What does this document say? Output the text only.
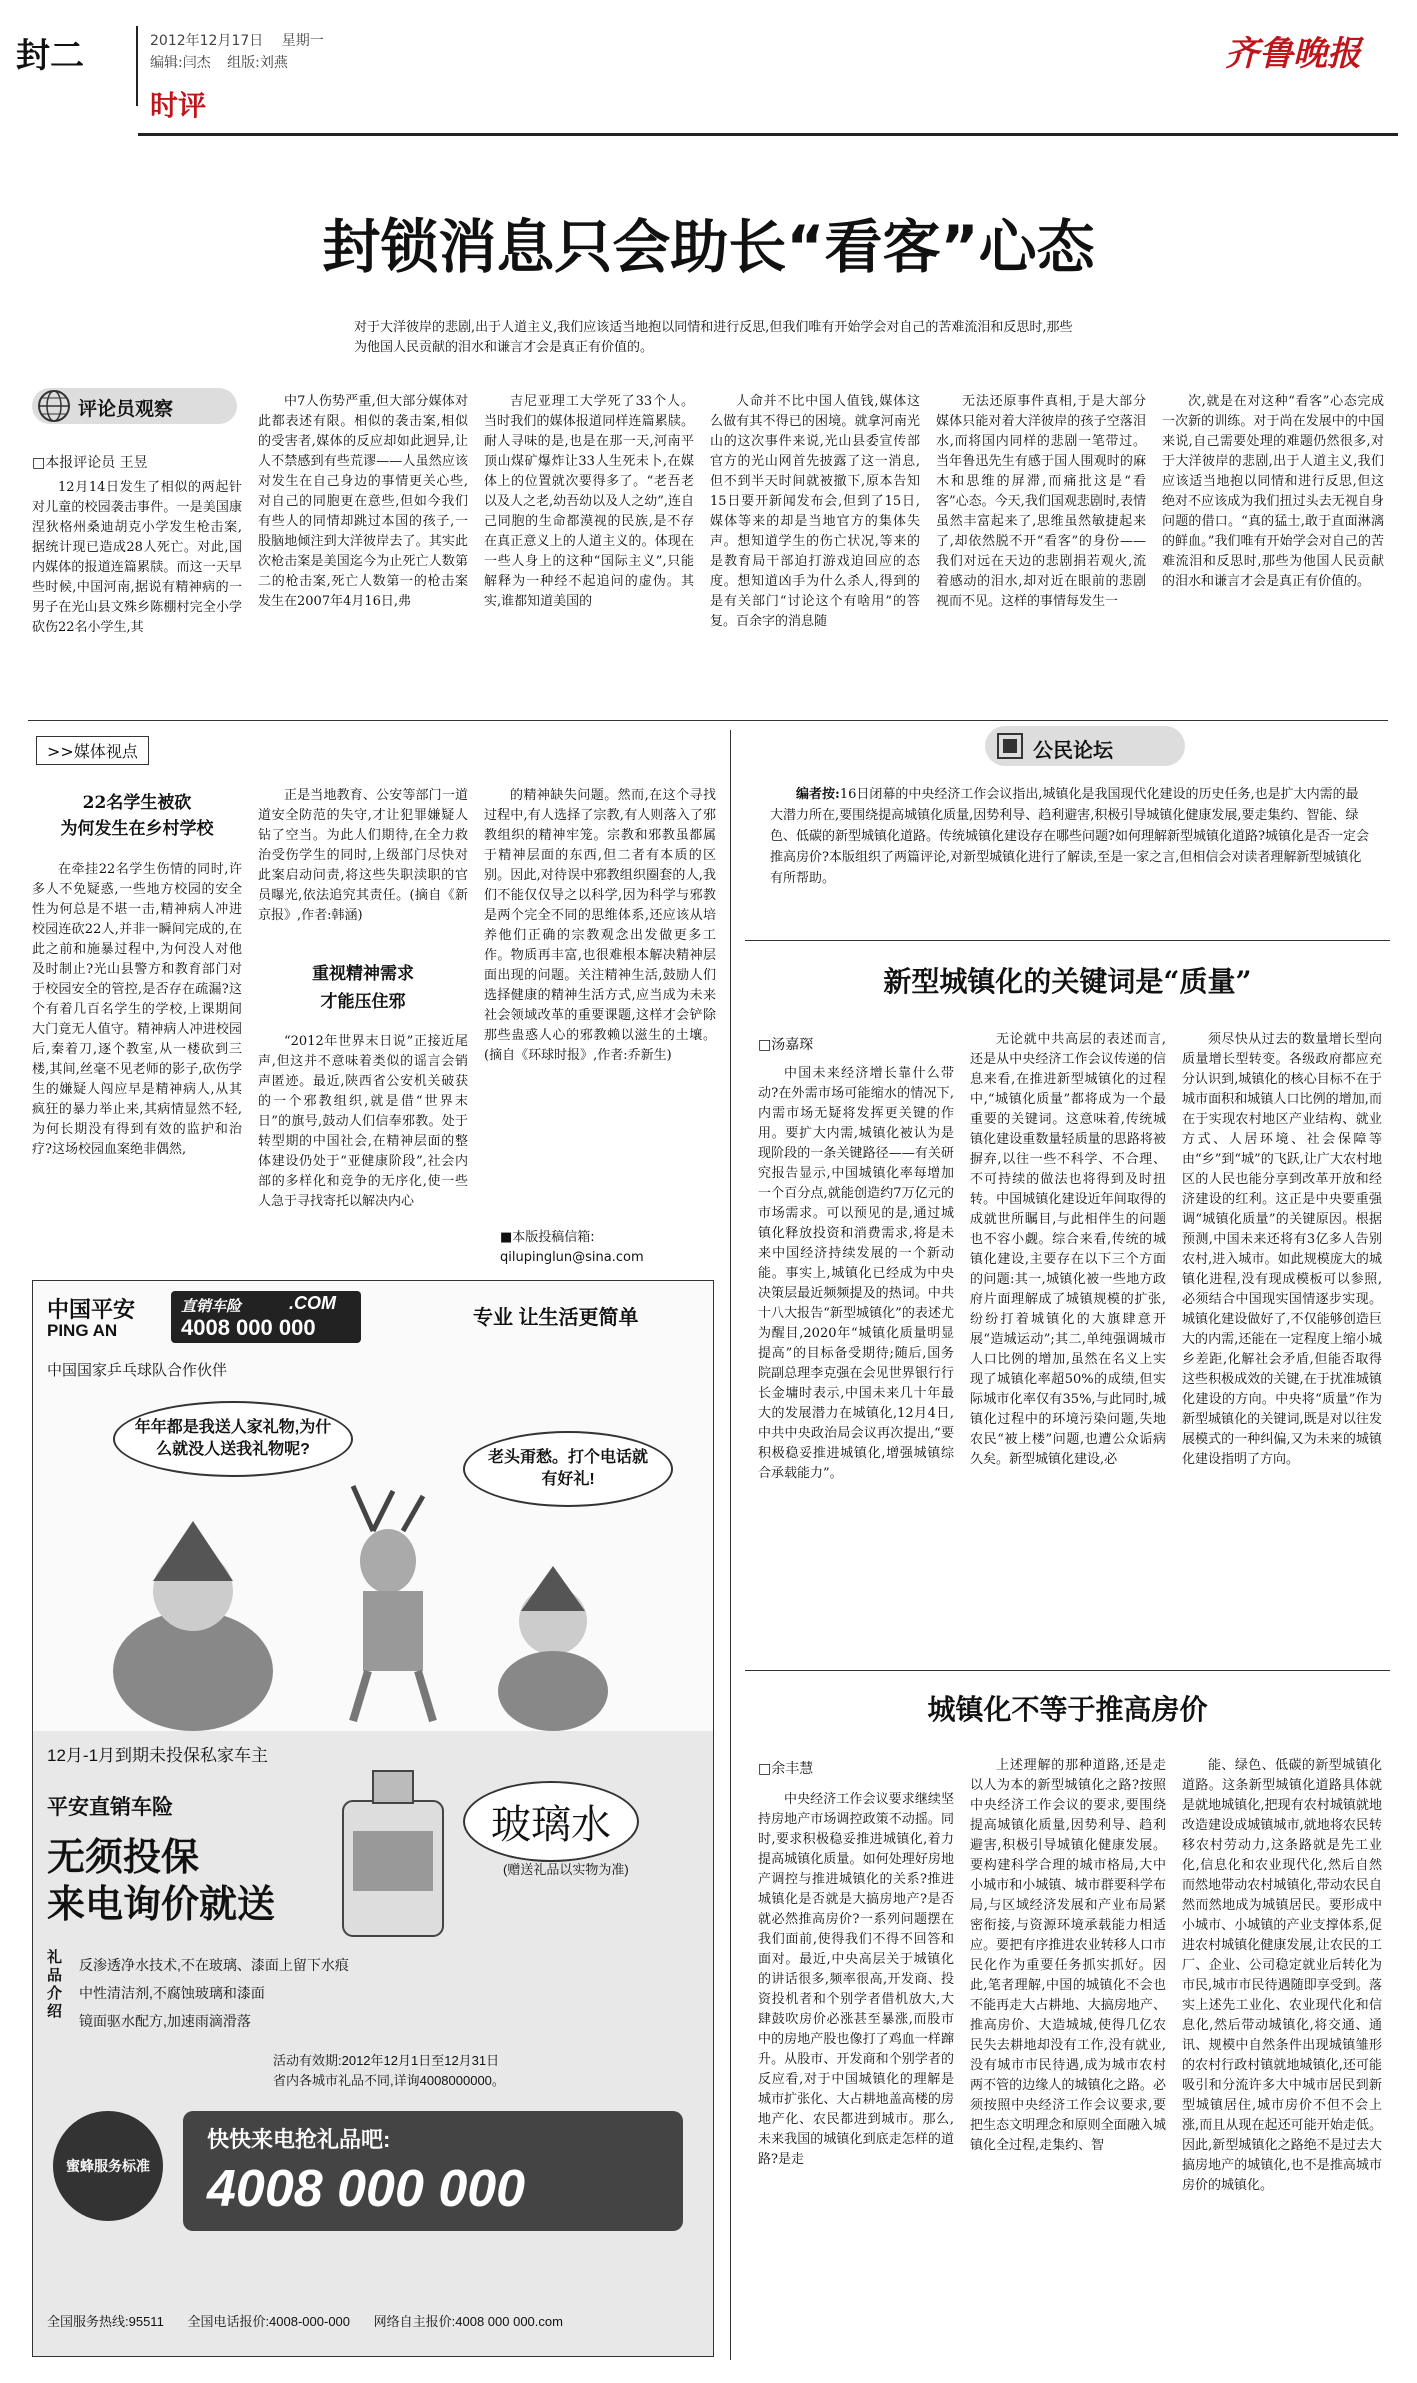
封二	2012年12月17日 星期一
编辑:闫杰 组版:刘燕
时评
齐鲁晚报
封锁消息只会助长“看客”心态
对于大洋彼岸的悲剧,出于人道主义,我们应该适当地抱以同情和进行反思,但我们唯有开始学会对自己的苦难流泪和反思时,那些为他国人民贡献的泪水和谦言才会是真正有价值的。
评论员观察
□本报评论员 王昱

12月14日发生了相似的两起针对儿童的校园袭击事件。一是美国康涅狄格州桑迪胡克小学发生枪击案,据统计现已造成28人死亡。对此,国内媒体的报道连篇累牍。而这一天早些时候,中国河南,据说有精神病的一男子在光山县文殊乡陈棚村完全小学砍伤22名小学生,其

中7人伤势严重,但大部分媒体对此都表述有限。相似的袭击案,相似的受害者,媒体的反应却如此迥异,让人不禁感到有些荒谬——人虽然应该对发生在自己身边的事情更关心些,对自己的同胞更在意些,但如今我们有些人的同情却跳过本国的孩子,一股脑地倾注到大洋彼岸去了。其实此次枪击案是美国迄今为止死亡人数第二的枪击案,死亡人数第一的枪击案发生在2007年4月16日,弗

吉尼亚理工大学死了33个人。当时我们的媒体报道同样连篇累牍。耐人寻味的是,也是在那一天,河南平顶山煤矿爆炸让33人生死未卜,在媒体上的位置就次要得多了。“老吾老以及人之老,幼吾幼以及人之幼”,连自己同胞的生命都漠视的民族,是不存在真正意义上的人道主义的。体现在一些人身上的这种“国际主义”,只能解释为一种经不起追问的虚伪。其实,谁都知道美国的

人命并不比中国人值钱,媒体这么做有其不得已的困境。就拿河南光山的这次事件来说,光山县委宣传部官方的光山网首先披露了这一消息,但不到半天时间就被撤下,原本告知15日要开新闻发布会,但到了15日,媒体等来的却是当地官方的集体失声。想知道学生的伤亡状况,等来的是教育局干部迫打游戏迫回应的态度。想知道凶手为什么杀人,得到的是有关部门“讨论这个有啥用”的答复。百余字的消息随

无法还原事件真相,于是大部分媒体只能对着大洋彼岸的孩子空落泪水,而将国内同样的悲剧一笔带过。当年鲁迅先生有感于国人围观时的麻木和思维的屏滞,而痛批这是“看客”心态。今天,我们国观悲剧时,表情虽然丰富起来了,思维虽然敏捷起来了,却依然脱不开“看客”的身份——我们对远在天边的悲剧捐若观火,流着感动的泪水,却对近在眼前的悲剧视而不见。这样的事情每发生一

次,就是在对这种“看客”心态完成一次新的训练。对于尚在发展中的中国来说,自己需要处理的难题仍然很多,对于大洋彼岸的悲剧,出于人道主义,我们应该适当地抱以同情和进行反思,但这绝对不应该成为我们扭过头去无视自身问题的借口。“真的猛士,敢于直面淋漓的鲜血。”我们唯有开始学会对自己的苦难流泪和反思时,那些为他国人民贡献的泪水和谦言才会是真正有价值的。

>>媒体视点
22名学生被砍
为何发生在乡村学校

在牵挂22名学生伤情的同时,许多人不免疑惑,一些地方校园的安全性为何总是不堪一击,精神病人冲进校园连砍22人,并非一瞬间完成的,在此之前和施暴过程中,为何没人对他及时制止?光山县警方和教育部门对于校园安全的管控,是否存在疏漏?这个有着几百名学生的学校,上课期间大门竟无人值守。精神病人冲进校园后,秦着刀,逐个教室,从一楼砍到三楼,其间,丝毫不见老师的影子,砍伤学生的嫌疑人闯应早是精神病人,从其疯狂的暴力举止来,其病情显然不轻,为何长期没有得到有效的监护和治疗?这场校园血案绝非偶然,

正是当地教育、公安等部门一道道安全防范的失守,才让犯罪嫌疑人钻了空当。为此人们期待,在全力救治受伤学生的同时,上级部门尽快对此案启动问责,将这些失职渎职的官员曝光,依法追究其责任。(摘自《新京报》,作者:韩涵)

重视精神需求
才能压住邪

“2012年世界末日说”正接近尾声,但这并不意味着类似的谣言会销声匿迹。最近,陕西省公安机关破获的一个邪教组织,就是借“世界末日”的旗号,鼓动人们信奉邪教。处于转型期的中国社会,在精神层面的整体建设仍处于“亚健康阶段”,社会内部的多样化和竞争的无序化,使一些人急于寻找寄托以解决内心

的精神缺失问题。然而,在这个寻找过程中,有人选择了宗教,有人则落入了邪教组织的精神牢笼。宗教和邪教虽都属于精神层面的东西,但二者有本质的区别。因此,对待误中邪教组织圈套的人,我们不能仅仅导之以科学,因为科学与邪教是两个完全不同的思维体系,还应该从培养他们正确的宗教观念出发做更多工作。物质再丰富,也很难根本解决精神层面出现的问题。关注精神生活,鼓励人们选择健康的精神生活方式,应当成为未来社会领域改革的重要课题,这样才会铲除那些蛊惑人心的邪教赖以滋生的土壤。(摘自《环球时报》,作者:乔新生)

■本版投稿信箱:
qilupinglun@sina.com
中国平安
PING AN
直销车险	.COM
4008 000 000	专业 让生活更简单
中国国家乒乓球队合作伙伴
年年都是我送人家礼物,为什么就没人送我礼物呢?	老头甭愁。打个电话就有好礼!
12月-1月到期未投保私家车主
平安直销车险
无须投保
来电询价就送
玻璃水
(赠送礼品以实物为准)
礼品介绍
反渗透净水技术,不在玻璃、漆面上留下水痕
中性清洁剂,不腐蚀玻璃和漆面
镜面驱水配方,加速雨滴滑落
活动有效期:2012年12月1日至12月31日
省内各城市礼品不同,详询4008000000。
蜜蜂服务标准
快快来电抢礼品吧:
4008 000 000
全国服务热线:95511 全国电话报价:4008-000-000 网络自主报价:4008 000 000.com
公民论坛
编者按:16日闭幕的中央经济工作会议指出,城镇化是我国现代化建设的历史任务,也是扩大内需的最大潜力所在,要围绕提高城镇化质量,因势利导、趋利避害,积极引导城镇化健康发展,要走集约、智能、绿色、低碳的新型城镇化道路。传统城镇化建设存在哪些问题?如何理解新型城镇化道路?城镇化是否一定会推高房价?本版组织了两篇评论,对新型城镇化进行了解读,至是一家之言,但相信会对读者理解新型城镇化有所帮助。
新型城镇化的关键词是“质量”
□汤嘉琛

中国未来经济增长靠什么带动?在外需市场可能缩水的情况下,内需市场无疑将发挥更关键的作用。要扩大内需,城镇化被认为是现阶段的一条关键路径——有关研究报告显示,中国城镇化率每增加一个百分点,就能创造约7万亿元的市场需求。可以预见的是,通过城镇化释放投资和消费需求,将是未来中国经济持续发展的一个新动能。事实上,城镇化已经成为中央决策层最近频频提及的热词。中共十八大报告“新型城镇化”的表述尤为醒目,2020年“城镇化质量明显提高”的目标备受期待;随后,国务院副总理李克强在会见世界银行行长金墉时表示,中国未来几十年最大的发展潜力在城镇化,12月4日,中共中央政治局会议再次提出,“要积极稳妥推进城镇化,增强城镇综合承载能力”。

无论就中共高层的表述而言,还是从中央经济工作会议传递的信息来看,在推进新型城镇化的过程中,“城镇化质量”都将成为一个最重要的关键词。这意味着,传统城镇化建设重数量轻质量的思路将被摒弃,以往一些不科学、不合理、不可持续的做法也将得到及时扭转。中国城镇化建设近年间取得的成就世所瞩目,与此相伴生的问题也不容小觑。综合来看,传统的城镇化建设,主要存在以下三个方面的问题:其一,城镇化被一些地方政府片面理解成了城镇规模的扩张,纷纷打着城镇化的大旗肆意开展“造城运动”;其二,单纯强调城市人口比例的增加,虽然在名义上实现了城镇化率超50%的成绩,但实际城市化率仅有35%,与此同时,城镇化过程中的环境污染问题,失地农民“被上楼”问题,也遭公众诟病久矣。新型城镇化建设,必

须尽快从过去的数量增长型向质量增长型转变。各级政府都应充分认识到,城镇化的核心目标不在于城市面积和城镇人口比例的增加,而在于实现农村地区产业结构、就业方式、人居环境、社会保障等由“乡”到“城”的飞跃,让广大农村地区的人民也能分享到改革开放和经济建设的红利。这正是中央要重强调“城镇化质量”的关键原因。根据预测,中国未来还将有3亿多人告别农村,进入城市。如此规模庞大的城镇化进程,没有现成模板可以参照,必须结合中国现实国情逐步实现。城镇化建设做好了,不仅能够创造巨大的内需,还能在一定程度上缩小城乡差距,化解社会矛盾,但能否取得这些积极成效的关键,在于扰准城镇化建设的方向。中央将“质量”作为新型城镇化的关键词,既是对以往发展模式的一种纠偏,又为未来的城镇化建设指明了方向。

城镇化不等于推高房价
□余丰慧

中央经济工作会议要求继续坚持房地产市场调控政策不动摇。同时,要求积极稳妥推进城镇化,着力提高城镇化质量。如何处理好房地产调控与推进城镇化的关系?推进城镇化是否就是大搞房地产?是否就必然推高房价?一系列问题摆在我们面前,使得我们不得不回答和面对。最近,中央高层关于城镇化的讲话很多,频率很高,开发商、投资投机者和个别学者借机放大,大肆鼓吹房价必涨甚至暴涨,而股市中的房地产股也像打了鸡血一样蹿升。从股市、开发商和个别学者的反应看,对于中国城镇化的理解是城市扩张化、大占耕地盖高楼的房地产化、农民都进到城市。那么,未来我国的城镇化到底走怎样的道路?是走

上述理解的那种道路,还是走以人为本的新型城镇化之路?按照中央经济工作会议的要求,要围绕提高城镇化质量,因势利导、趋利避害,积极引导城镇化健康发展。要构建科学合理的城市格局,大中小城市和小城镇、城市群要科学布局,与区域经济发展和产业布局紧密衔接,与资源环境承载能力相适应。要把有序推进农业转移人口市民化作为重要任务抓实抓好。因此,笔者理解,中国的城镇化不会也不能再走大占耕地、大搞房地产、推高房价、大造城城,使得几亿农民失去耕地却没有工作,没有就业,没有城市市民待遇,成为城市农村两不管的边缘人的城镇化之路。必须按照中央经济工作会议要求,要把生态文明理念和原则全面融入城镇化全过程,走集约、智

能、绿色、低碳的新型城镇化道路。这条新型城镇化道路具体就是就地城镇化,把现有农村城镇就地改造建设成城镇城市,就地将农民转移农村劳动力,这条路就是先工业化,信息化和农业现代化,然后自然而然地带动农村城镇化,带动农民自然而然地成为城镇居民。要形成中小城市、小城镇的产业支撑体系,促进农村城镇化健康发展,让农民的工厂、企业、公司稳定就业后转化为市民,城市市民待遇随即享受到。落实上述先工业化、农业现代化和信息化,然后带动城镇化,将交通、通讯、规模中自然条件出现城镇雏形的农村行政村镇就地城镇化,还可能吸引和分流许多大中城市居民到新型城镇居住,城市房价不但不会上涨,而且从现在起还可能开始走低。因此,新型城镇化之路绝不是过去大搞房地产的城镇化,也不是推高城市房价的城镇化。
